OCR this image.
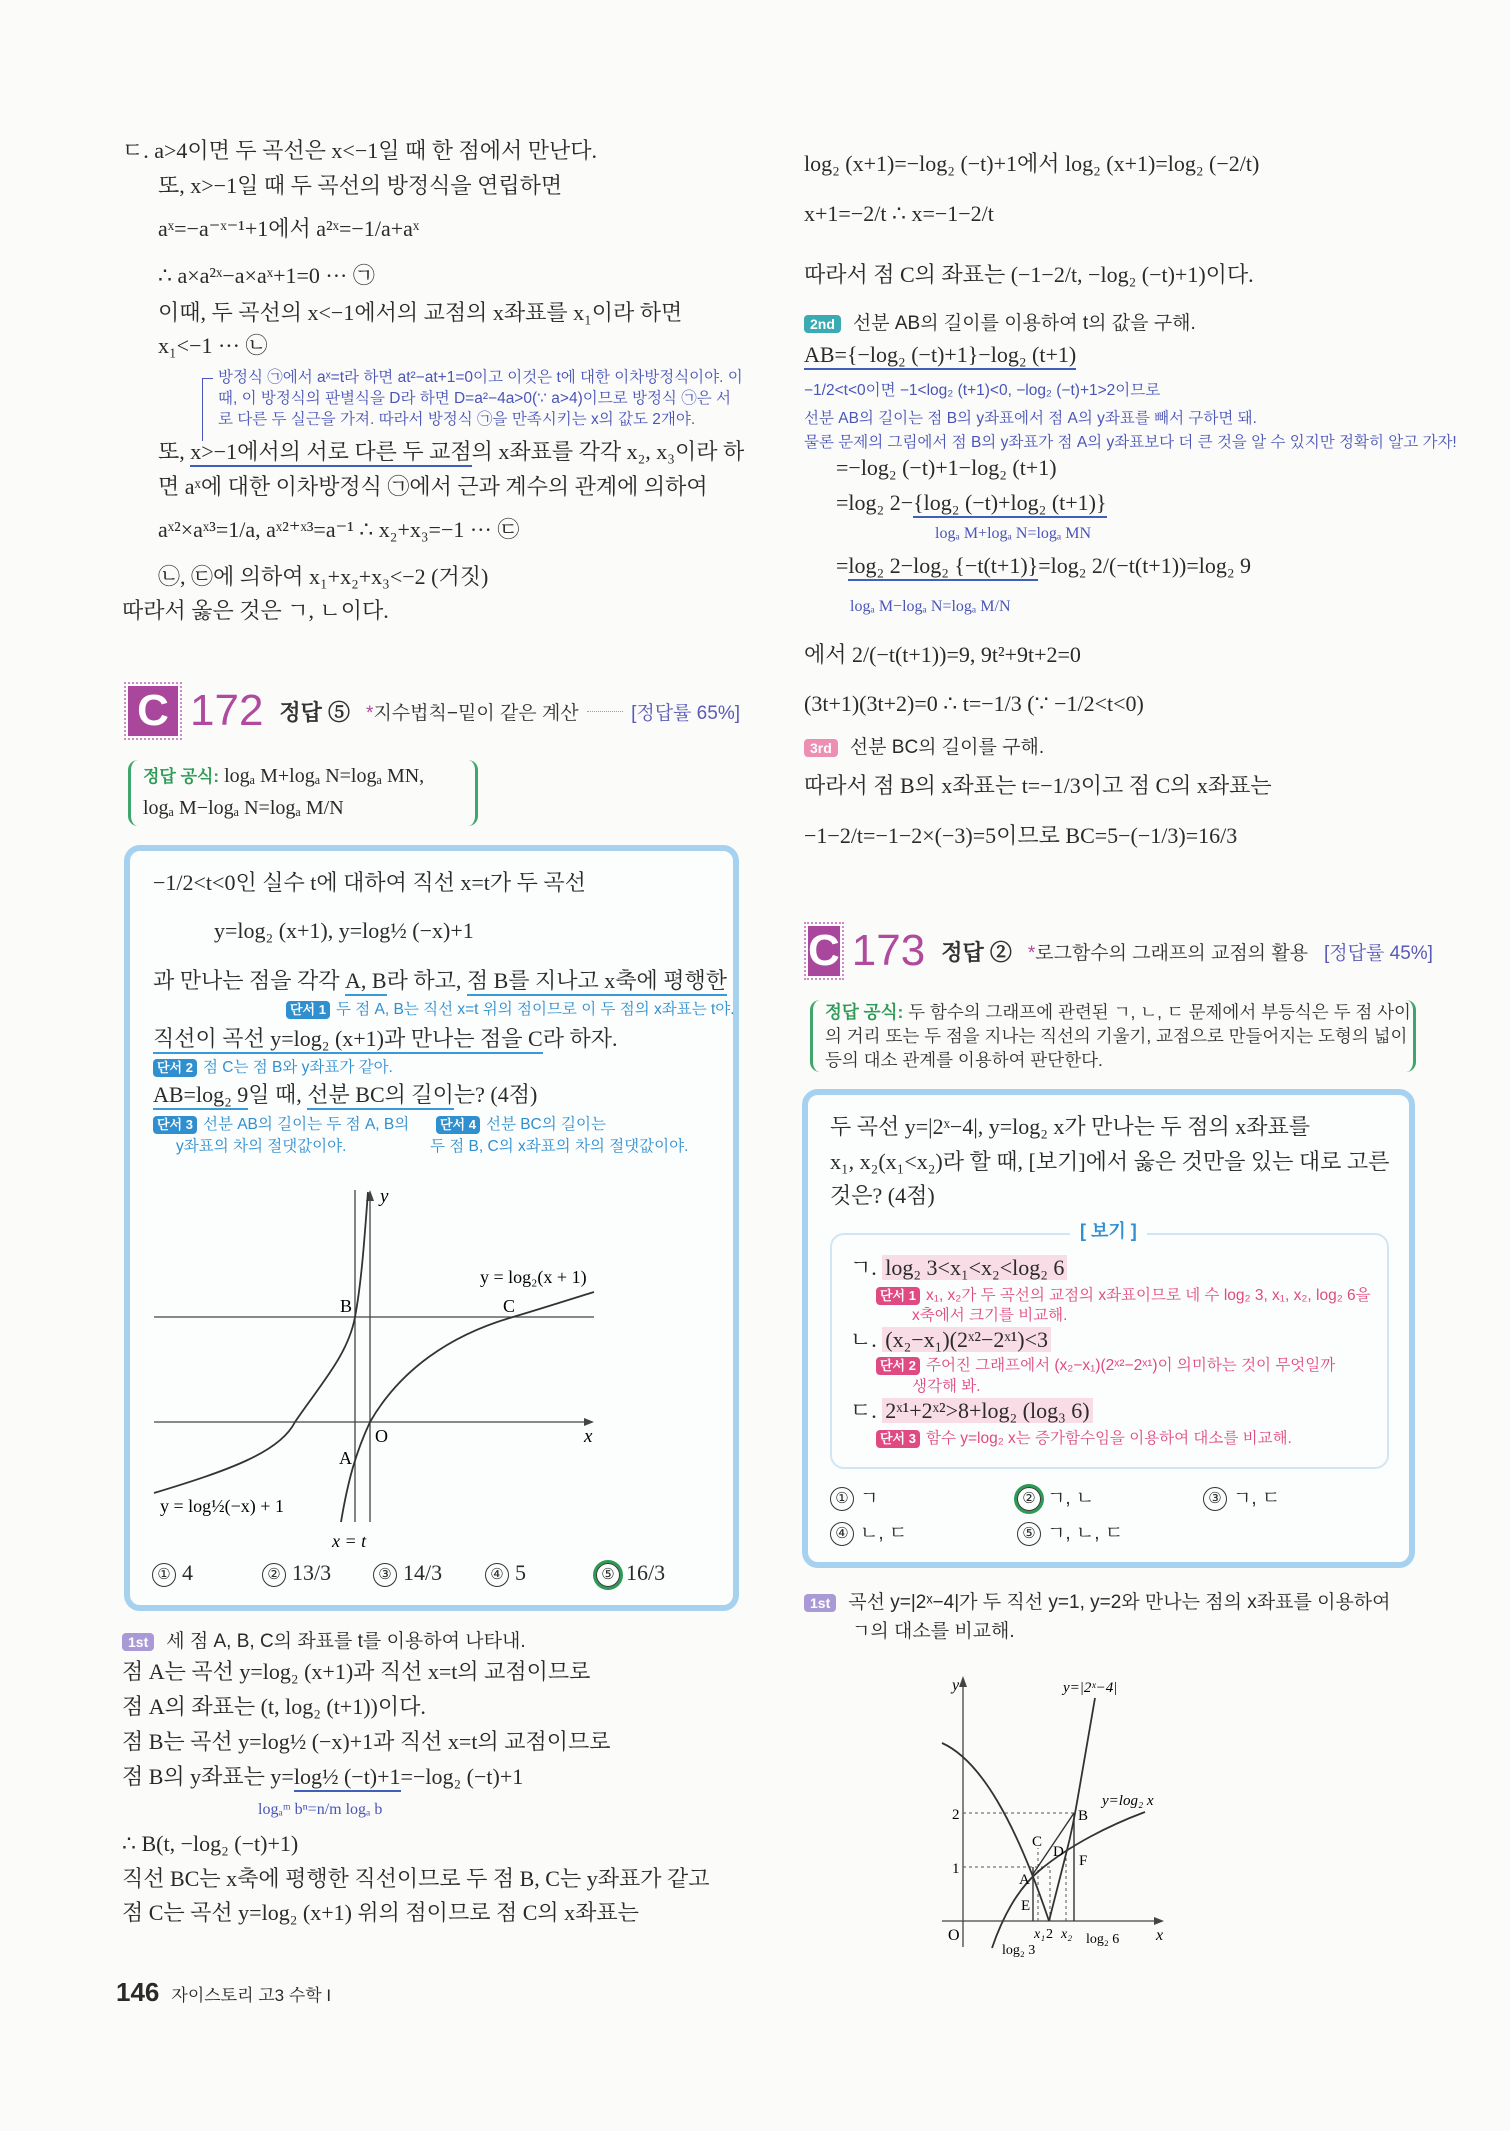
ㄷ. a>4이면 두 곡선은 x<−1일 때 한 점에서 만난다.
또, x>−1일 때 두 곡선의 방정식을 연립하면
aˣ=−a⁻ˣ⁻¹+1에서 a²ˣ=−1/a+aˣ
∴ a×a²ˣ−a×aˣ+1=0 ··· ㉠
이때, 두 곡선의 x<−1에서의 교점의 x좌표를 x₁이라 하면
x₁<−1 ··· ㉡
방정식 ㉠에서 aˣ=t라 하면 at²−at+1=0이고 이것은 t에 대한 이차방정식이야. 이
때, 이 방정식의 판별식을 D라 하면 D=a²−4a>0(∵ a>4)이므로 방정식 ㉠은 서
로 다른 두 실근을 가져. 따라서 방정식 ㉠을 만족시키는 x의 값도 2개야.
또, x>−1에서의 서로 다른 두 교점의 x좌표를 각각 x₂, x₃이라 하
면 aˣ에 대한 이차방정식 ㉠에서 근과 계수의 관계에 의하여
aˣ²×aˣ³=1/a, aˣ²⁺ˣ³=a⁻¹ ∴ x₂+x₃=−1 ··· ㉢
㉡, ㉢에 의하여 x₁+x₂+x₃<−2 (거짓)
따라서 옳은 것은 ㄱ, ㄴ이다.
C 172 정답 ⑤ *지수법칙−밑이 같은 계산	[정답률 65%]
정답 공식: logₐ M+logₐ N=logₐ MN,
logₐ M−logₐ N=logₐ M/N
−1/2<t<0인 실수 t에 대하여 직선 x=t가 두 곡선
y=log₂ (x+1), y=log½ (−x)+1
과 만나는 점을 각각 A, B라 하고, 점 B를 지나고 x축에 평행한
단서 1 두 점 A, B는 직선 x=t 위의 점이므로 이 두 점의 x좌표는 t야.
직선이 곡선 y=log₂ (x+1)과 만나는 점을 C라 하자.
단서 2 점 C는 점 B와 y좌표가 같아.
AB=log₂ 9일 때, 선분 BC의 길이는? (4점)
단서 3 선분 AB의 길이는 두 점 A, B의
y좌표의 차의 절댓값이야.
단서 4 선분 BC의 길이는
두 점 B, C의 x좌표의 차의 절댓값이야.
y
x
O
B	C
A
y = log₂(x + 1)
y = log½(−x) + 1
x = t
① 4	② 13/3	③ 14/3	④ 5	⑤ 16/3
1st 세 점 A, B, C의 좌표를 t를 이용하여 나타내.
점 A는 곡선 y=log₂ (x+1)과 직선 x=t의 교점이므로
점 A의 좌표는 (t, log₂ (t+1))이다.
점 B는 곡선 y=log½ (−x)+1과 직선 x=t의 교점이므로
점 B의 y좌표는 y=log½ (−t)+1=−log₂ (−t)+1
logₐᵐ bⁿ=n/m logₐ b
∴ B(t, −log₂ (−t)+1)
직선 BC는 x축에 평행한 직선이므로 두 점 B, C는 y좌표가 같고
점 C는 곡선 y=log₂ (x+1) 위의 점이므로 점 C의 x좌표는
146 자이스토리 고3 수학 I
log₂ (x+1)=−log₂ (−t)+1에서 log₂ (x+1)=log₂ (−2/t)
x+1=−2/t ∴ x=−1−2/t
따라서 점 C의 좌표는 (−1−2/t, −log₂ (−t)+1)이다.
2nd 선분 AB의 길이를 이용하여 t의 값을 구해.
AB={−log₂ (−t)+1}−log₂ (t+1)
−1/2<t<0이면 −1<log₂ (t+1)<0, −log₂ (−t)+1>2이므로
선분 AB의 길이는 점 B의 y좌표에서 점 A의 y좌표를 빼서 구하면 돼.
물론 문제의 그림에서 점 B의 y좌표가 점 A의 y좌표보다 더 큰 것을 알 수 있지만 정확히 알고 가자!
=−log₂ (−t)+1−log₂ (t+1)
=log₂ 2−{log₂ (−t)+log₂ (t+1)}
logₐ M+logₐ N=logₐ MN
=log₂ 2−log₂ {−t(t+1)}=log₂ 2/(−t(t+1))=log₂ 9
logₐ M−logₐ N=logₐ M/N
에서 2/(−t(t+1))=9, 9t²+9t+2=0
(3t+1)(3t+2)=0 ∴ t=−1/3 (∵ −1/2<t<0)
3rd 선분 BC의 길이를 구해.
따라서 점 B의 x좌표는 t=−1/3이고 점 C의 x좌표는
−1−2/t=−1−2×(−3)=5이므로 BC=5−(−1/3)=16/3
C 173 정답 ② *로그함수의 그래프의 교점의 활용 [정답률 45%]
정답 공식: 두 함수의 그래프에 관련된 ㄱ, ㄴ, ㄷ 문제에서 부등식은 두 점 사이
의 거리 또는 두 점을 지나는 직선의 기울기, 교점으로 만들어지는 도형의 넓이
등의 대소 관계를 이용하여 판단한다.
두 곡선 y=|2ˣ−4|, y=log₂ x가 만나는 두 점의 x좌표를
x₁, x₂(x₁<x₂)라 할 때, [보기]에서 옳은 것만을 있는 대로 고른
것은? (4점)
[ 보기 ]
ㄱ. log₂ 3<x₁<x₂<log₂ 6
단서 1 x₁, x₂가 두 곡선의 교점의 x좌표이므로 네 수 log₂ 3, x₁, x₂, log₂ 6을
x축에서 크기를 비교해.
ㄴ. (x₂−x₁)(2ˣ²−2ˣ¹)<3
단서 2 주어진 그래프에서 (x₂−x₁)(2ˣ²−2ˣ¹)이 의미하는 것이 무엇일까
생각해 봐.
ㄷ. 2ˣ¹+2ˣ²>8+log₂ (log₃ 6)
단서 3 함수 y=log₂ x는 증가함수임을 이용하여 대소를 비교해.
① ㄱ	② ㄱ, ㄴ	③ ㄱ, ㄷ
④ ㄴ, ㄷ	⑤ ㄱ, ㄴ, ㄷ
1st 곡선 y=|2ˣ−4|가 두 직선 y=1, y=2와 만나는 점의 x좌표를 이용하여
ㄱ의 대소를 비교해.
y
x
O
2
1
y=|2ˣ−4|
y=log₂ x
B
C
D
F
A
E
x₁ 2 x₂ log₂ 6
log₂ 3
